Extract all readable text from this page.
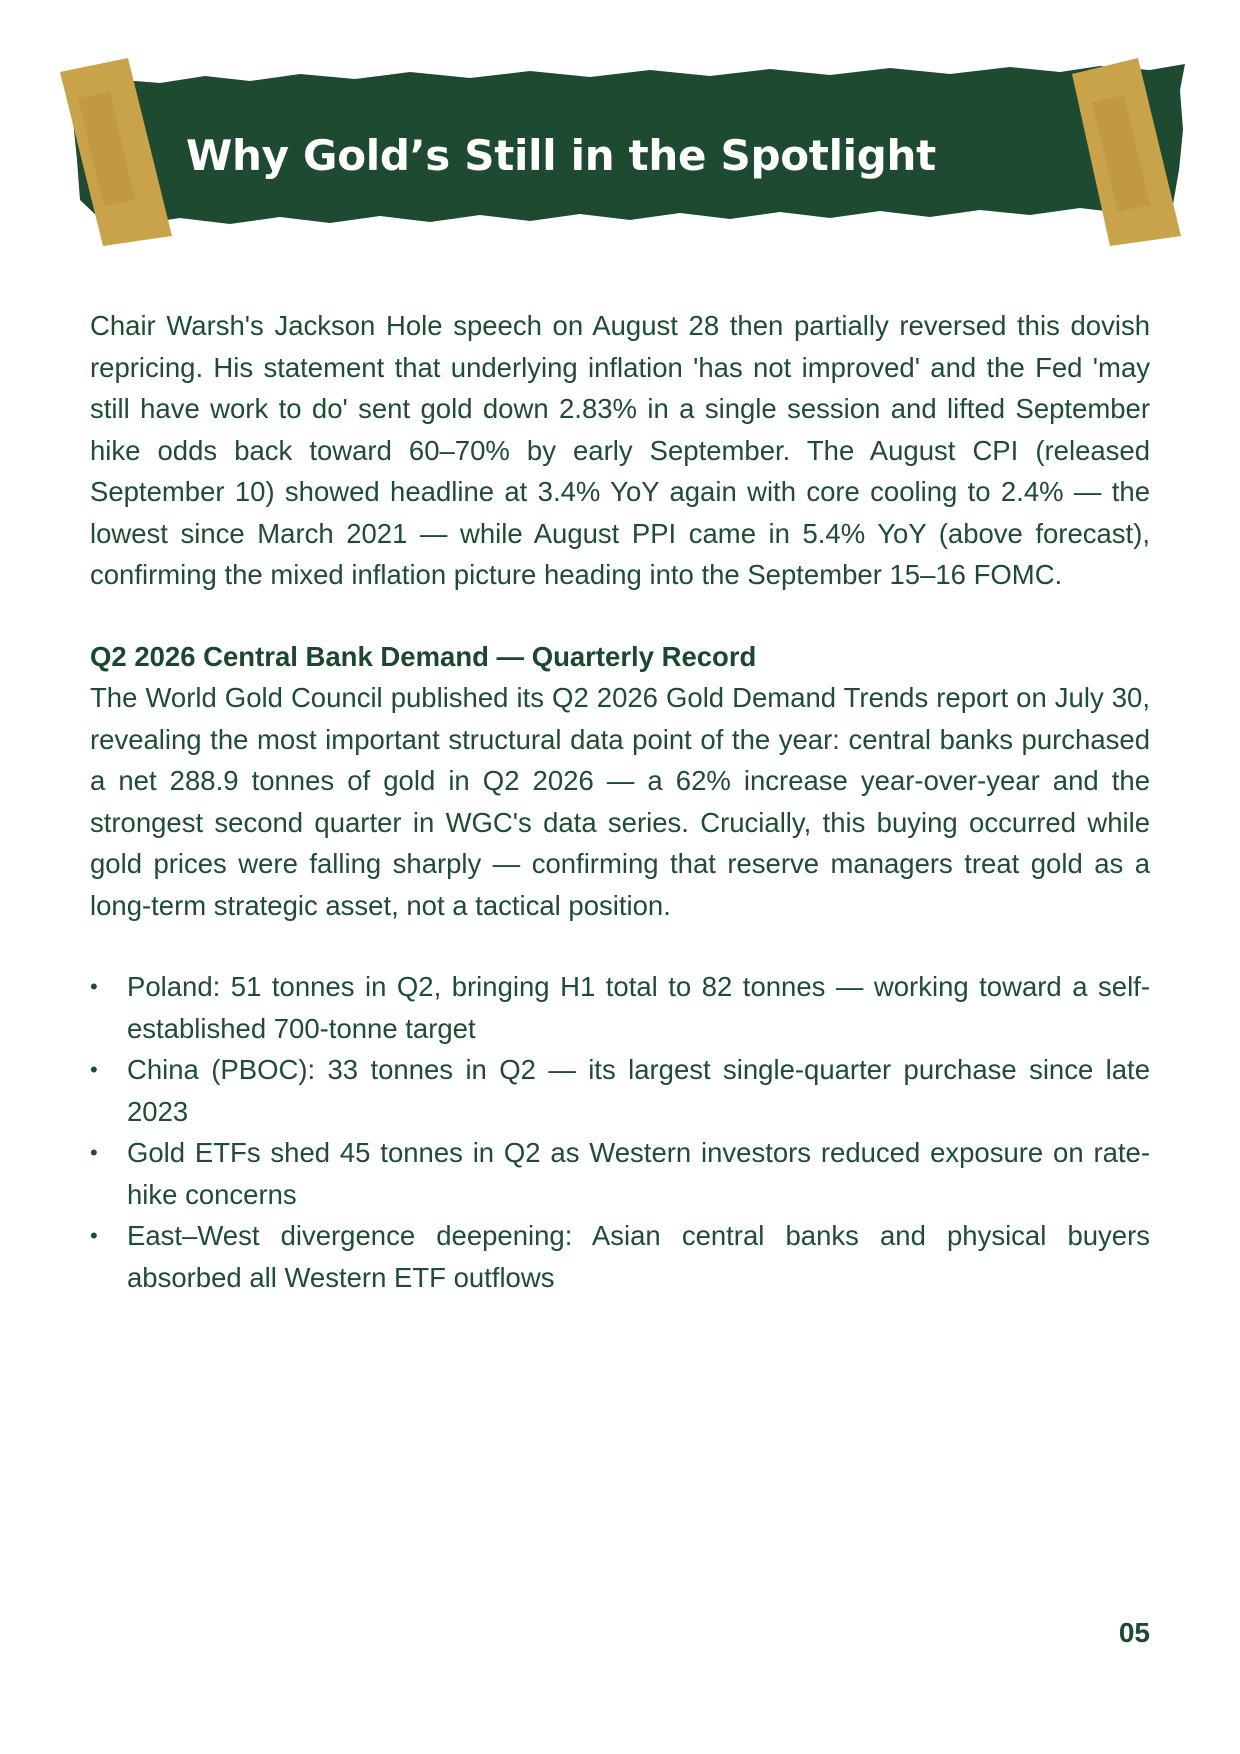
Why Gold’s Still in the Spotlight

Chair Warsh's Jackson Hole speech on August 28 then partially reversed this dovish repricing. His statement that underlying inflation 'has not improved' and the Fed 'may still have work to do' sent gold down 2.83% in a single session and lifted September hike odds back toward 60–70% by early September. The August CPI (released September 10) showed headline at 3.4% YoY again with core cooling to 2.4% — the lowest since March 2021 — while August PPI came in 5.4% YoY (above forecast), confirming the mixed inflation picture heading into the September 15–16 FOMC.

Q2 2026 Central Bank Demand — Quarterly Record

The World Gold Council published its Q2 2026 Gold Demand Trends report on July 30, revealing the most important structural data point of the year: central banks purchased a net 288.9 tonnes of gold in Q2 2026 — a 62% increase year-over-year and the strongest second quarter in WGC's data series. Crucially, this buying occurred while gold prices were falling sharply — confirming that reserve managers treat gold as a long-term strategic asset, not a tactical position.

•	Poland: 51 tonnes in Q2, bringing H1 total to 82 tonnes — working toward a self-established 700-tonne target
•	China (PBOC): 33 tonnes in Q2 — its largest single-quarter purchase since late 2023
•	Gold ETFs shed 45 tonnes in Q2 as Western investors reduced exposure on rate-hike concerns
•	East–West divergence deepening: Asian central banks and physical buyers absorbed all Western ETF outflows

05
